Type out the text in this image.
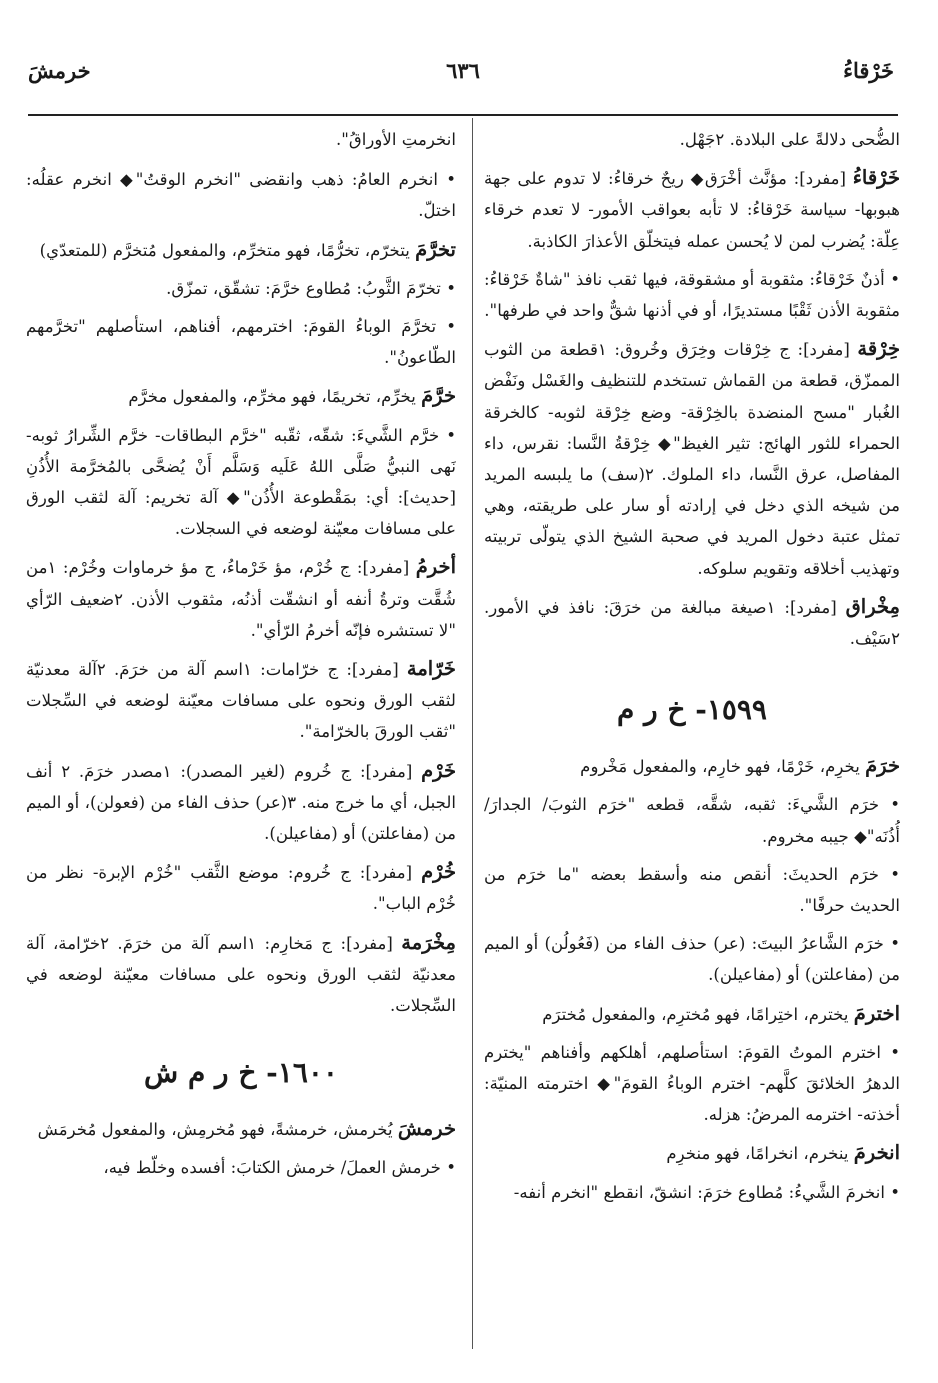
خَرْقاءُ
٦٣٦
خرمشَ

الضُّحى دلالةً على البلادة. ٢جَهْل.

خَرْقاءُ [مفرد]: مؤنَّث أخْرَق◆ ريحٌ خرقاءُ: لا تدوم على جهة هبوبها- سياسة خَرْقاءُ: لا تأبه بعواقب الأمور- لا تعدم خرقاء عِلّة: يُضرب لمن لا يُحسن عمله فيتخلّق الأعذارَ الكاذبة.

• أذنٌ خَرْقاءُ: مثقوبة أو مشقوقة، فيها ثقب نافذ "شاةٌ خَرْقاءُ: مثقوبة الأذن ثَقْبًا مستديرًا، أو في أذنها شقٌّ واحد في طرفها".

خِرْقة [مفرد]: ج خِرْقات وخِرَق وخُروق: ١قطعة من الثوب الممزّق، قطعة من القماش تستخدم للتنظيف والغَسْل ونَفْض الغُبار "مسح المنضدة بالخِرْقة- وضع خِرْقة لثوبه- كالخرقة الحمراء للثور الهائج: تثير الغيظ"◆ خِرْقةُ النَّسا: نقرس، داء المفاصل، عرق النَّسا، داء الملوك. ٢(سف) ما يلبسه المريد من شيخه الذي دخل في إرادته أو سار على طريقته، وهي تمثل عتبة دخول المريد في صحبة الشيخ الذي يتولّى تربيته وتهذيب أخلاقه وتقويم سلوكه.

مِخْراق [مفرد]: ١صيغة مبالغة من خرَقَ: نافذ في الأمور. ٢سَيْف.

١٥٩٩- خ ر م

خرَمَ يخرِم، خَرْمًا، فهو خارِم، والمفعول مَخْروم

• خرَم الشَّيءَ: ثقبه، شقَّه، قطعه "خرَم الثوبَ/ الجدارَ/ أُذُنَه"◆ جيبه مخروم.

• خرَم الحديثَ: أنقص منه وأسقط بعضه "ما خرَم من الحديث حرفًا".

• خرَم الشَّاعرُ البيتَ: (عر) حذف الفاء من (فَعُولُن) أو الميم من (مفاعلتن) أو (مفاعيلن).

اخترمَ يخترم، اختِرامًا، فهو مُخترِم، والمفعول مُخترَم

• اخترم الموتُ القومَ: استأصلهم، أهلكهم وأفناهم "يخترم الدهرُ الخلائقَ كلَّهم- اخترم الوباءُ القومَ"◆ اخترمته المنيّة: أخذته- اخترمه المرضُ: هزله.

انخرمَ ينخرم، انخرامًا، فهو منخرِم

• انخرمَ الشَّيءُ: مُطاوع خرَمَ: انشقّ، انقطع "انخرم أنفه-

انخرمتِ الأوراقُ".

• انخرم العامُ: ذهب وانقضى "انخرم الوقتُ"◆ انخرم عقلُه: اختلّ.

تخرَّمَ يتخرّم، تخرُّمًا، فهو متخرِّم، والمفعول مُتخرَّم (للمتعدّي)

• تخرّمَ الثَّوبُ: مُطاوع خرَّمَ: تشقّق، تمزّق.

• تخرَّمَ الوباءُ القومَ: اخترمهم، أفناهم، استأصلهم "تخرَّمهم الطّاعونُ".

خرَّمَ يخرِّم، تخريمًا، فهو مخرِّم، والمفعول مخرَّم

• خرَّم الشَّيءَ: شقّه، ثقّبه "خرَّم البطاقات- خرَّم الشِّرارُ ثوبه- نَهى النبيُّ صَلَّى اللهُ عَلَيه وَسَلَّم أَنْ يُضحَّى بالمُخرَّمة الأُذُنِ [حديث]: أي: بمَقْطوعة الأُذُن"◆ آلة تخريم: آلة لثقب الورق على مسافات معيّنة لوضعه في السجلات.

أخرمُ [مفرد]: ج خُرْم، مؤ خَرْماءُ، ج مؤ خرماوات وخُرْم: ١من شُقَّت وترةُ أنفه أو انشقّت أذنُه، مثقوب الأذن. ٢ضعيف الرّأي "لا تستشره فإنّه أخرمُ الرّأي".

خَرّامة [مفرد]: ج خرّامات: ١اسم آلة من خرَمَ. ٢آلة معدنيّة لثقب الورق ونحوه على مسافات معيّنة لوضعه في السِّجلات "ثقب الورقَ بالخرّامة".

خَرْم [مفرد]: ج خُروم (لغير المصدر): ١مصدر خرَمَ. ٢ أنف الجبل، أي ما خرج منه. ٣(عر) حذف الفاء من (فعولن)، أو الميم من (مفاعلتن) أو (مفاعيلن).

خُرْم [مفرد]: ج خُروم: موضع الثَّقب "خُرْم الإبرة- نظر من خُرْم الباب".

مِخْرَمة [مفرد]: ج مَخارِم: ١اسم آلة من خرَمَ. ٢خرّامة، آلة معدنيّة لثقب الورق ونحوه على مسافات معيّنة لوضعه في السِّجلات.

١٦٠٠- خ ر م ش

خرمشَ يُخرمش، خرمشةً، فهو مُخرمِش، والمفعول مُخرمَش

• خرمش العملَ/ خرمش الكتابَ: أفسده وخلّط فيه،
